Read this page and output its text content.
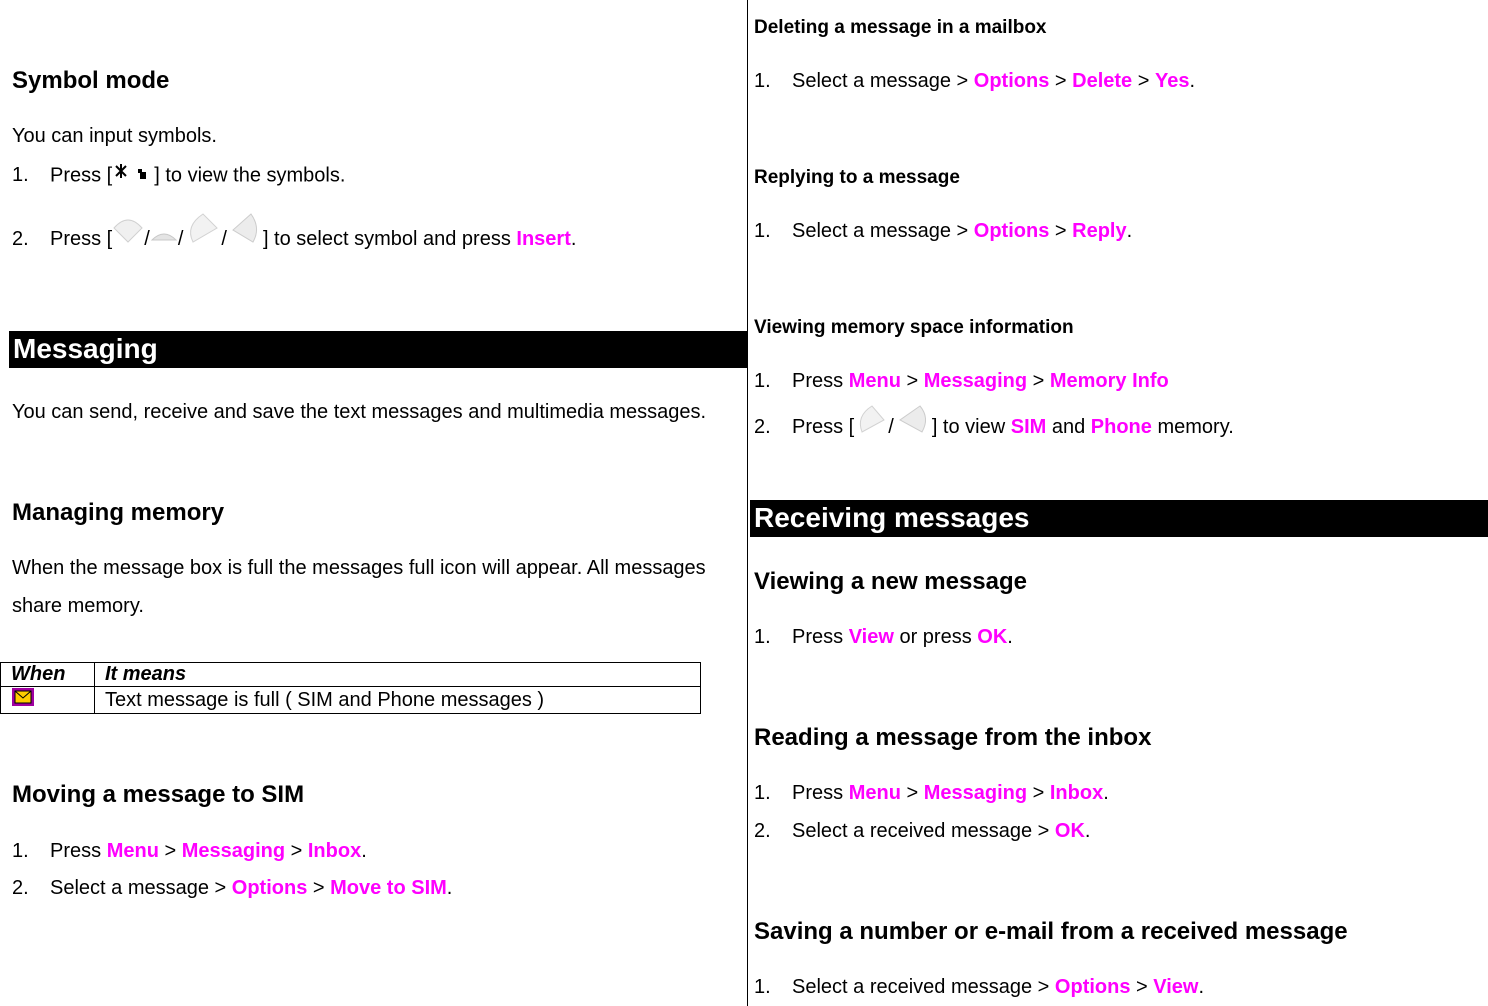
Symbol mode
You can input symbols.
1. Press [ ] to view the symbols.
2. Press [ / / / ] to select symbol and press Insert.
Messaging
You can send, receive and save the text messages and multimedia messages.
Managing memory
When the message box is full the messages full icon will appear. All messages
share memory.
When	It means
	Text message is full ( SIM and Phone messages )
Moving a message to SIM
1. Press Menu > Messaging > Inbox.
2. Select a message > Options > Move to SIM.
Deleting a message in a mailbox
1. Select a message > Options > Delete > Yes.
Replying to a message
1. Select a message > Options > Reply.
Viewing memory space information
1. Press Menu > Messaging > Memory Info
2. Press [ / ] to view SIM and Phone memory.
Receiving messages
Viewing a new message
1. Press View or press OK.
Reading a message from the inbox
1. Press Menu > Messaging > Inbox.
2. Select a received message > OK.
Saving a number or e-mail from a received message
1. Select a received message > Options > View.
